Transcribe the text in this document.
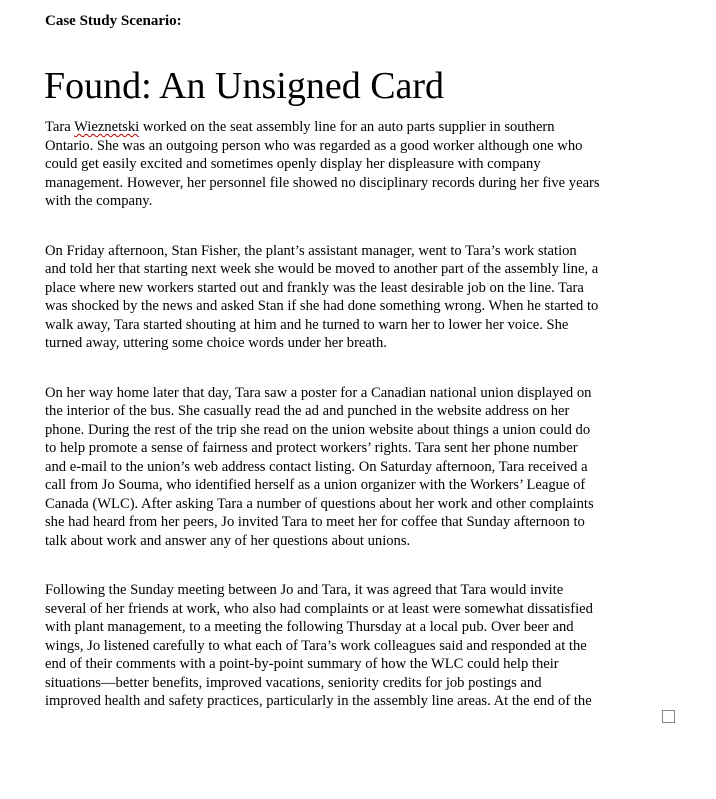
Case Study Scenario:
Found: An Unsigned Card

Tara Wieznetski worked on the seat assembly line for an auto parts supplier in southern
Ontario. She was an outgoing person who was regarded as a good worker although one who
could get easily excited and sometimes openly display her displeasure with company
management. However, her personnel file showed no disciplinary records during her five years
with the company.

On Friday afternoon, Stan Fisher, the plant’s assistant manager, went to Tara’s work station
and told her that starting next week she would be moved to another part of the assembly line, a
place where new workers started out and frankly was the least desirable job on the line. Tara
was shocked by the news and asked Stan if she had done something wrong. When he started to
walk away, Tara started shouting at him and he turned to warn her to lower her voice. She
turned away, uttering some choice words under her breath.

On her way home later that day, Tara saw a poster for a Canadian national union displayed on
the interior of the bus. She casually read the ad and punched in the website address on her
phone. During the rest of the trip she read on the union website about things a union could do
to help promote a sense of fairness and protect workers’ rights. Tara sent her phone number
and e-mail to the union’s web address contact listing. On Saturday afternoon, Tara received a
call from Jo Souma, who identified herself as a union organizer with the Workers’ League of
Canada (WLC). After asking Tara a number of questions about her work and other complaints
she had heard from her peers, Jo invited Tara to meet her for coffee that Sunday afternoon to
talk about work and answer any of her questions about unions.

Following the Sunday meeting between Jo and Tara, it was agreed that Tara would invite
several of her friends at work, who also had complaints or at least were somewhat dissatisfied
with plant management, to a meeting the following Thursday at a local pub. Over beer and
wings, Jo listened carefully to what each of Tara’s work colleagues said and responded at the
end of their comments with a point-by-point summary of how the WLC could help their
situations—better benefits, improved vacations, seniority credits for job postings and
improved health and safety practices, particularly in the assembly line areas. At the end of the
